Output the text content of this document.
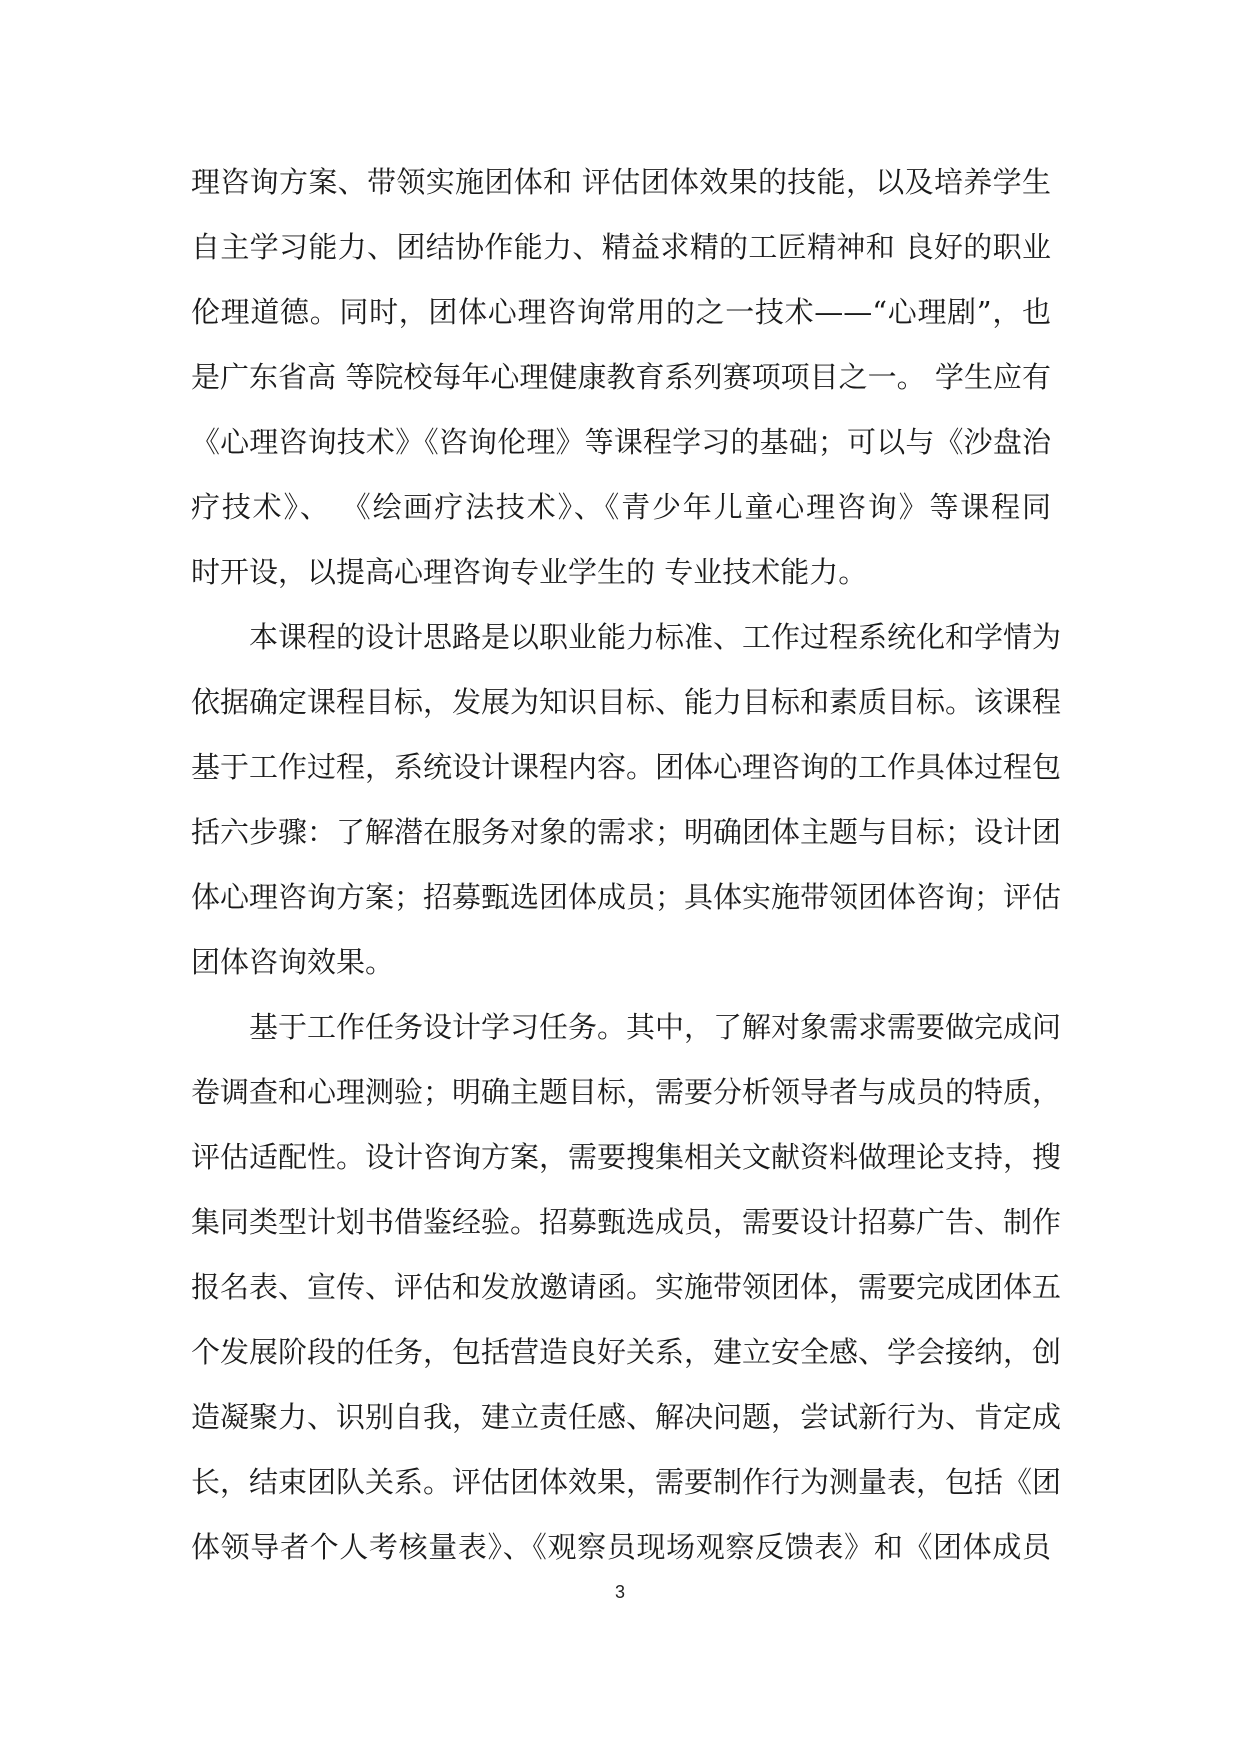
理咨询方案、带领实施团体和 评估团体效果的技能，以及培养学生
自主学习能力、团结协作能力、精益求精的工匠精神和 良好的职业
伦理道德。同时，团体心理咨询常用的之一技术——“心理剧”，也
是广东省高 等院校每年心理健康教育系列赛项项目之一。 学生应有
《心理咨询技术》《咨询伦理》等课程学习的基础；可以与《沙盘治
疗技术》、 《绘画疗法技术》、《青少年儿童心理咨询》等课程同
时开设，以提高心理咨询专业学生的 专业技术能力。
本课程的设计思路是以职业能力标准、工作过程系统化和学情为
依据确定课程目标，发展为知识目标、能力目标和素质目标。该课程
基于工作过程，系统设计课程内容。团体心理咨询的工作具体过程包
括六步骤：了解潜在服务对象的需求；明确团体主题与目标；设计团
体心理咨询方案；招募甄选团体成员；具体实施带领团体咨询；评估
团体咨询效果。
基于工作任务设计学习任务。其中，了解对象需求需要做完成问
卷调查和心理测验；明确主题目标，需要分析领导者与成员的特质，
评估适配性。设计咨询方案，需要搜集相关文献资料做理论支持，搜
集同类型计划书借鉴经验。招募甄选成员，需要设计招募广告、制作
报名表、宣传、评估和发放邀请函。实施带领团体，需要完成团体五
个发展阶段的任务，包括营造良好关系，建立安全感、学会接纳，创
造凝聚力、识别自我，建立责任感、解决问题，尝试新行为、肯定成
长，结束团队关系。评估团体效果，需要制作行为测量表，包括《团
体领导者个人考核量表》、《观察员现场观察反馈表》和《团体成员
3
